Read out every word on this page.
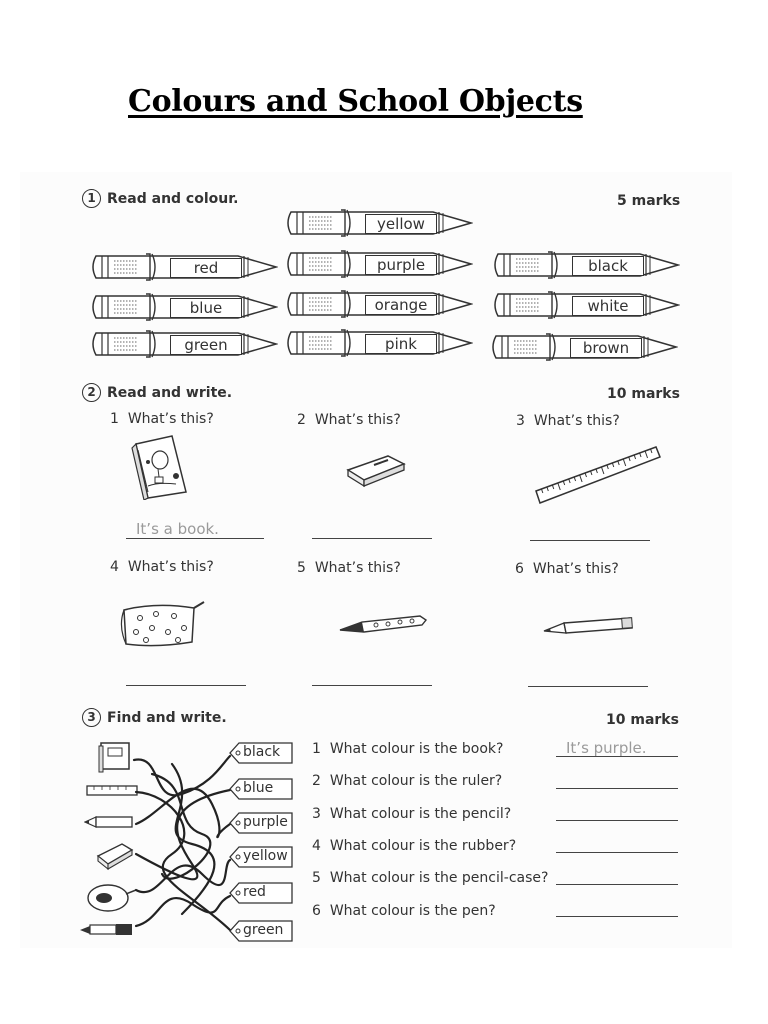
Colours and School Objects
1 Read and colour.	5 marks
yellow
red	purple	black
blue	orange	white
green	pink	brown
2 Read and write.	10 marks
1 What’s this?	2 What’s this?	3 What’s this?
It’s a book.
4 What’s this?	5 What’s this?	6 What’s this?
3 Find and write.	10 marks
black
blue
purple
yellow
red
green
1 What colour is the book?	It’s purple.
2 What colour is the ruler?
3 What colour is the pencil?
4 What colour is the rubber?
5 What colour is the pencil-case?
6 What colour is the pen?
